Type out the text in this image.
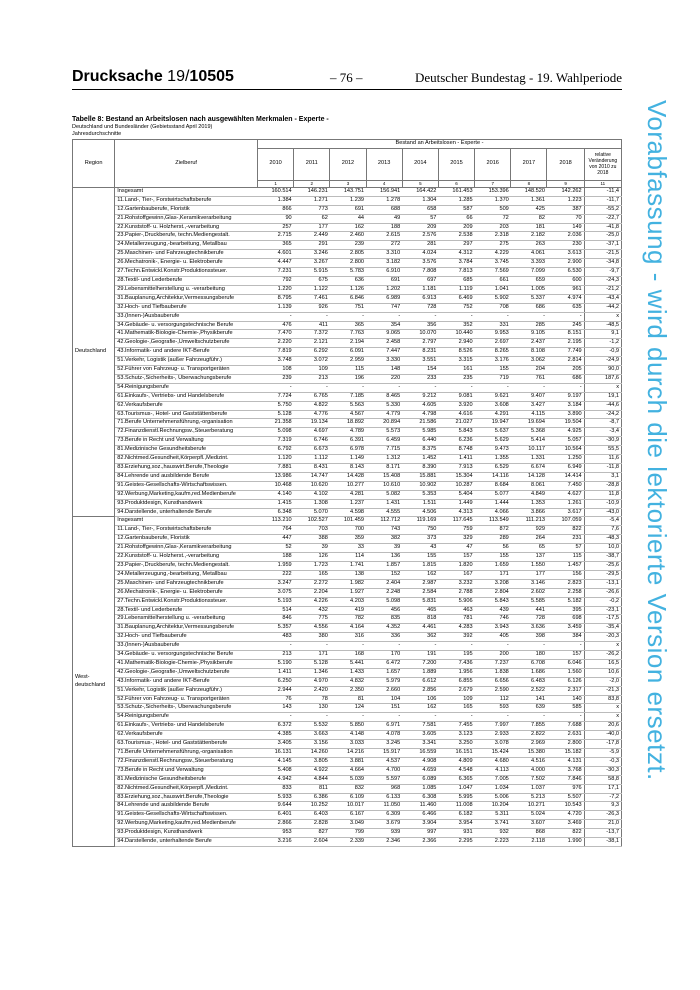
Drucksache 19/10505	– 76 –	Deutscher Bundestag - 19. Wahlperiode
Tabelle 8: Bestand an Arbeitslosen nach ausgewählten Merkmalen - Experte -
Deutschland und Bundesländer (Gebietsstand April 2019)
Jahresdurchschnitte	Vorabfassung - wird durch die lektorierte Version ersetzt.
Region	Zielberuf	Bestand an Arbeitslosen - Experte -									
		2010	2011	2012	2013	2014	2015	2016	2017	2018	relative Veränderung von 2010 zu 2018
		1	2	3	4	5	6	7	8	9	11
Deutschland	Insgesamt	160.514	146.231	143.751	156.941	164.422	161.453	153.396	148.520	142.262	-11,4
	11.Land-, Tier-, Forstwirtschaftsberufe	1.384	1.271	1.239	1.278	1.304	1.285	1.370	1.361	1.223	-11,7
	12.Gartenbauberufe, Floristik	866	773	691	688	658	587	509	425	387	-55,2
	21.Rohstoffgewinn,Glas-,Keramikverarbeitung	90	62	44	49	57	66	72	82	70	-22,7
	22.Kunststoff- u. Holzherst.,-verarbeitung	257	177	162	188	209	209	203	181	149	-41,8
	23.Papier-,Druckberufe, techn.Mediengestalt.	2.715	2.449	2.460	2.615	2.576	2.538	2.318	2.182	2.036	-25,0
	24.Metallerzeugung,-bearbeitung, Metallbau	365	291	239	272	281	297	275	263	230	-37,1
	25.Maschinen- und Fahrzeugtechnikberufe	4.601	3.246	2.805	3.310	4.024	4.312	4.229	4.061	3.613	-21,5
	26.Mechatronik-, Energie- u. Elektroberufe	4.447	3.267	2.800	3.182	3.576	3.784	3.745	3.393	2.900	-34,8
	27.Techn.Entwickl.Konstr.Produktionssteuer.	7.231	5.915	5.783	6.910	7.808	7.813	7.569	7.099	6.530	-9,7
	28.Textil- und Lederberufe	792	675	636	691	697	685	661	659	600	-24,3
	29.Lebensmittelherstellung u. -verarbeitung	1.220	1.122	1.126	1.202	1.181	1.119	1.041	1.005	961	-21,2
	31.Bauplanung,Architektur,Vermessungsberufe	8.795	7.461	6.846	6.989	6.913	6.469	5.902	5.337	4.974	-43,4
	32.Hoch- und Tiefbauberufe	1.139	926	751	747	728	752	708	686	635	-44,2
	33.(Innen-)Ausbauberufe	-	-	-	-	-	-	-	-	-	x
	34.Gebäude- u. versorgungstechnische Berufe	476	411	365	354	356	352	331	285	245	-48,5
	41.Mathematik-Biologie-Chemie-,Physikberufe	7.470	7.372	7.763	9.065	10.070	10.440	9.953	9.105	8.151	9,1
	42.Geologie-,Geografie-,Umweltschutzberufe	2.220	2.121	2.194	2.458	2.797	2.940	2.697	2.437	2.195	-1,2
	43.Informatik- und andere IKT-Berufe	7.819	6.292	6.091	7.447	8.231	8.526	8.265	8.108	7.749	-0,9
	51.Verkehr, Logistik (außer Fahrzeugführ.)	3.748	3.072	2.959	3.330	3.551	3.315	3.176	3.062	2.814	-24,9
	52.Führer von Fahrzeug- u. Transportgeräten	108	109	115	148	154	161	155	204	205	90,0
	53.Schutz-,Sicherheits-, Überwachungsberufe	239	213	196	220	233	235	719	761	686	187,6
	54.Reinigungsberufe	-	-	-	-	-	-	-	-	-	x
	61.Einkaufs-, Vertriebs- und Handelsberufe	7.724	6.765	7.185	8.465	9.212	9.081	9.621	9.407	9.197	19,1
	62.Verkaufsberufe	5.750	4.822	5.563	5.330	4.605	3.920	3.608	3.427	3.184	-44,6
	63.Tourismus-, Hotel- und Gaststättenberufe	5.128	4.776	4.567	4.779	4.798	4.616	4.291	4.115	3.890	-24,2
	71.Berufe Unternehmensführung,-organisation	21.358	19.134	18.892	20.894	21.586	21.027	19.947	19.694	19.504	-8,7
	72.Finanzdienstl.Rechnungsw.,Steuerberatung	5.098	4.697	4.789	5.573	5.985	5.843	5.637	5.368	4.925	-3,4
	73.Berufe in Recht und Verwaltung	7.319	6.746	6.391	6.459	6.440	6.236	5.629	5.414	5.057	-30,9
	81.Medizinische Gesundheitsberufe	6.792	6.673	6.978	7.715	8.375	8.748	9.473	10.117	10.564	55,5
	82.Nichtmed.Gesundheit,Körperpfl.,Medizint.	1.120	1.112	1.149	1.312	1.452	1.411	1.355	1.331	1.250	11,6
	83.Erziehung,soz.,hauswirt.Berufe,Theologie	7.881	8.431	8.143	8.171	8.390	7.913	6.529	6.674	6.949	-11,8
	84.Lehrende und ausbildende Berufe	13.986	14.747	14.428	15.408	15.881	15.304	14.116	14.128	14.414	3,1
	91.Geistes-Gesellschafts-Wirtschaftswissen.	10.468	10.620	10.277	10.610	10.902	10.287	8.684	8.061	7.450	-28,8
	92.Werbung,Marketing,kaufm,red.Medienberufe	4.140	4.102	4.281	5.082	5.353	5.404	5.077	4.849	4.627	11,8
	93.Produktdesign, Kunsthandwerk	1.415	1.308	1.237	1.431	1.511	1.449	1.444	1.353	1.261	-10,9
	94.Darstellende, unterhaltende Berufe	6.348	5.070	4.598	4.555	4.506	4.313	4.066	3.866	3.617	-43,0
West-deutschland	Insgesamt	113.210	102.527	101.459	112.712	119.169	117.645	113.549	111.213	107.059	-5,4
	11.Land-, Tier-, Forstwirtschaftsberufe	764	703	700	743	750	759	872	929	822	7,6
	12.Gartenbauberufe, Floristik	447	388	359	382	373	329	289	264	231	-48,3
	21.Rohstoffgewinn,Glas-,Keramikverarbeitung	52	39	33	39	43	47	56	65	57	10,0
	22.Kunststoff- u. Holzherst.,-verarbeitung	188	126	114	136	155	157	155	137	115	-38,7
	23.Papier-,Druckberufe, techn.Mediengestalt.	1.959	1.723	1.741	1.857	1.815	1.820	1.659	1.550	1.457	-25,6
	24.Metallerzeugung,-bearbeitung, Metallbau	222	165	138	152	162	167	171	177	156	-29,5
	25.Maschinen- und Fahrzeugtechnikberufe	3.247	2.272	1.982	2.404	2.987	3.232	3.208	3.146	2.823	-13,1
	26.Mechatronik-, Energie- u. Elektroberufe	3.075	2.204	1.927	2.248	2.584	2.788	2.804	2.602	2.258	-26,6
	27.Techn.Entwickl.Konstr.Produktionssteuer.	5.193	4.226	4.203	5.098	5.831	5.906	5.843	5.585	5.182	-0,2
	28.Textil- und Lederberufe	514	432	419	456	465	463	439	441	395	-23,1
	29.Lebensmittelherstellung u. -verarbeitung	846	775	782	835	818	781	746	728	698	-17,5
	31.Bauplanung,Architektur,Vermessungsberufe	5.357	4.556	4.164	4.352	4.461	4.283	3.943	3.636	3.459	-35,4
	32.Hoch- und Tiefbauberufe	483	380	316	336	362	392	405	398	384	-20,3
	33.(Innen-)Ausbauberufe	-	-	-	-	-	-	-	-	-	x
	34.Gebäude- u. versorgungstechnische Berufe	213	171	168	170	191	195	200	180	157	-26,2
	41.Mathematik-Biologie-Chemie-,Physikberufe	5.190	5.128	5.441	6.472	7.200	7.436	7.237	6.708	6.046	16,5
	42.Geologie-,Geografie-,Umweltschutzberufe	1.411	1.346	1.433	1.657	1.889	1.956	1.838	1.686	1.560	10,6
	43.Informatik- und andere IKT-Berufe	6.250	4.970	4.832	5.979	6.612	6.855	6.656	6.483	6.126	-2,0
	51.Verkehr, Logistik (außer Fahrzeugführ.)	2.944	2.420	2.350	2.660	2.856	2.679	2.590	2.522	2.317	-21,3
	52.Führer von Fahrzeug- u. Transportgeräten	76	78	81	104	106	109	112	141	140	83,8
	53.Schutz-,Sicherheits-, Überwachungsberufe	143	130	124	151	162	165	593	639	585	x
	54.Reinigungsberufe	-	-	-	-	-	-	-	-	-	x
	61.Einkaufs-, Vertriebs- und Handelsberufe	6.372	5.532	5.850	6.971	7.581	7.455	7.997	7.855	7.688	20,6
	62.Verkaufsberufe	4.385	3.663	4.148	4.078	3.605	3.123	2.933	2.822	2.631	-40,0
	63.Tourismus-, Hotel- und Gaststättenberufe	3.405	3.156	3.033	3.245	3.341	3.250	3.078	2.969	2.800	-17,8
	71.Berufe Unternehmensführung,-organisation	16.131	14.260	14.216	15.917	16.559	16.151	15.424	15.380	15.182	-5,9
	72.Finanzdienstl.Rechnungsw.,Steuerberatung	4.145	3.805	3.881	4.537	4.908	4.809	4.680	4.516	4.131	-0,3
	73.Berufe in Recht und Verwaltung	5.408	4.922	4.664	4.700	4.659	4.548	4.113	4.000	3.768	-30,3
	81.Medizinische Gesundheitsberufe	4.942	4.844	5.039	5.597	6.089	6.365	7.005	7.502	7.846	58,8
	82.Nichtmed.Gesundheit,Körperpfl.,Medizint.	833	811	832	968	1.085	1.047	1.034	1.037	976	17,1
	83.Erziehung,soz.,hauswirt.Berufe,Theologie	5.933	6.386	6.109	6.133	6.308	5.995	5.006	5.213	5.507	-7,2
	84.Lehrende und ausbildende Berufe	9.644	10.252	10.017	11.050	11.460	11.008	10.204	10.271	10.543	9,3
	91.Geistes-Gesellschafts-Wirtschaftswissen.	6.401	6.403	6.167	6.309	6.466	6.182	5.311	5.024	4.720	-26,3
	92.Werbung,Marketing,kaufm,red.Medienberufe	2.866	2.828	3.049	3.679	3.904	3.954	3.741	3.607	3.469	21,0
	93.Produktdesign, Kunsthandwerk	953	827	799	939	997	931	932	868	822	-13,7
	94.Darstellende, unterhaltende Berufe	3.216	2.604	2.339	2.346	2.366	2.295	2.223	2.118	1.990	-38,1
